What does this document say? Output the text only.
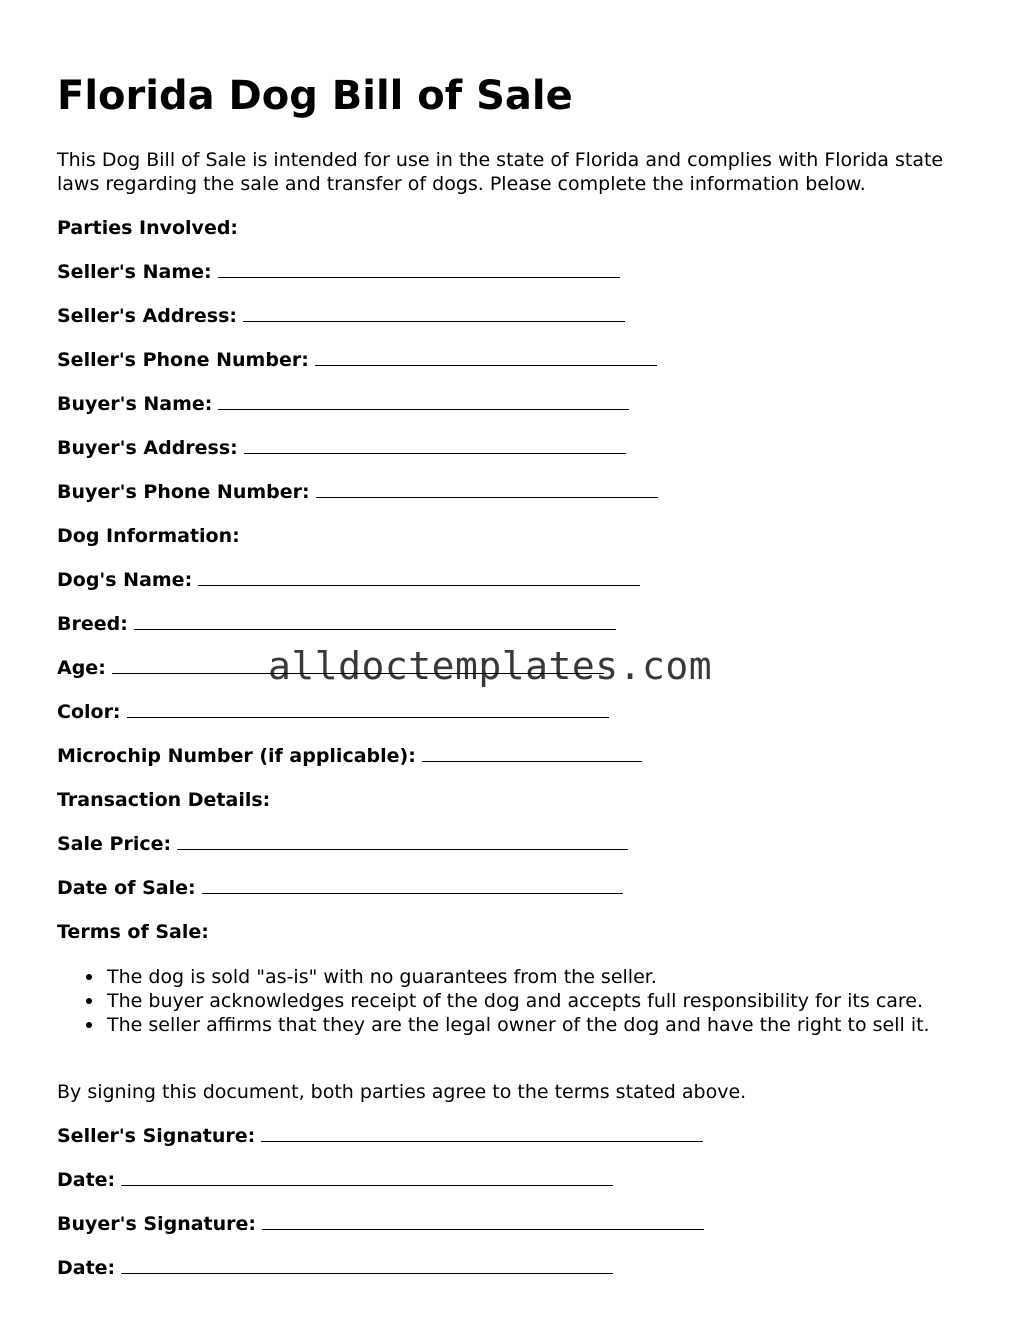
Florida Dog Bill of Sale

This Dog Bill of Sale is intended for use in the state of Florida and complies with Florida state laws regarding the sale and transfer of dogs. Please complete the information below.

Parties Involved:

Seller's Name:

Seller's Address:

Seller's Phone Number:

Buyer's Name:

Buyer's Address:

Buyer's Phone Number:

Dog Information:

Dog's Name:

Breed:

Age:

Color:

Microchip Number (if applicable):

Transaction Details:

Sale Price:

Date of Sale:

Terms of Sale:

The dog is sold "as-is" with no guarantees from the seller.
The buyer acknowledges receipt of the dog and accepts full responsibility for its care.
The seller affirms that they are the legal owner of the dog and have the right to sell it.

By signing this document, both parties agree to the terms stated above.

Seller's Signature:

Date:

Buyer's Signature:

Date:

alldoctemplates.com
